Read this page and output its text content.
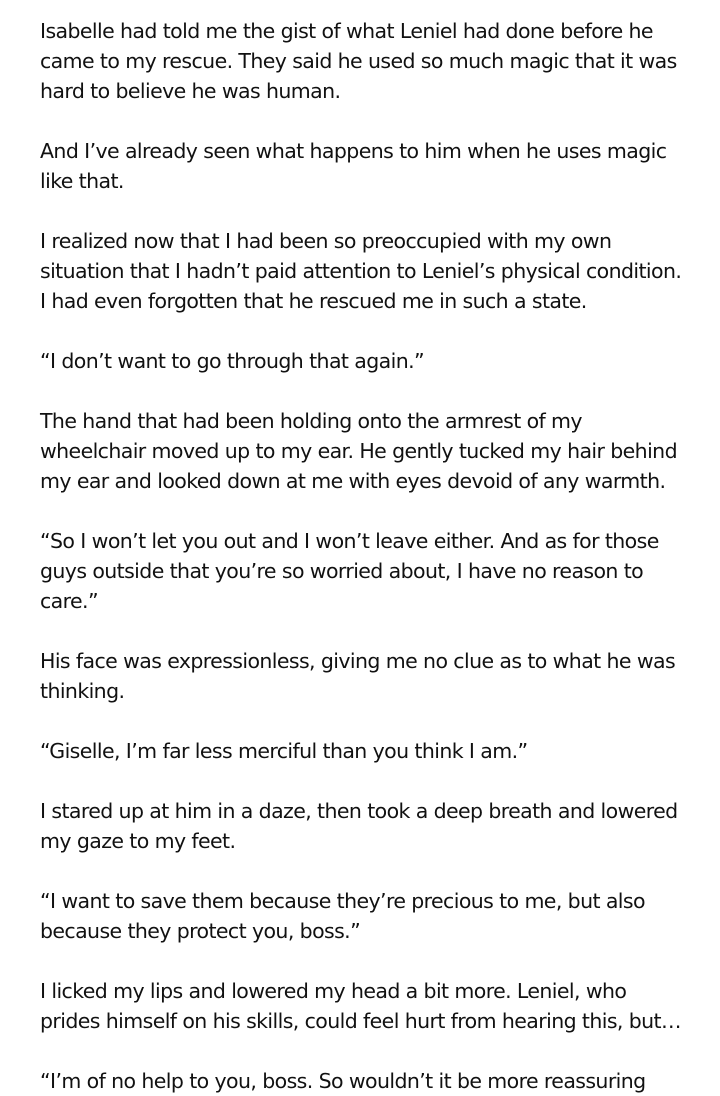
Isabelle had told me the gist of what Leniel had done before he came to my rescue. They said he used so much magic that it was hard to believe he was human.

And I’ve already seen what happens to him when he uses magic like that.

I realized now that I had been so preoccupied with my own situation that I hadn’t paid attention to Leniel’s physical condition. I had even forgotten that he rescued me in such a state.

“I don’t want to go through that again.”

The hand that had been holding onto the armrest of my wheelchair moved up to my ear. He gently tucked my hair behind my ear and looked down at me with eyes devoid of any warmth.

“So I won’t let you out and I won’t leave either. And as for those guys outside that you’re so worried about, I have no reason to care.”

His face was expressionless, giving me no clue as to what he was thinking.

“Giselle, I’m far less merciful than you think I am.”

I stared up at him in a daze, then took a deep breath and lowered my gaze to my feet.

“I want to save them because they’re precious to me, but also because they protect you, boss.”

I licked my lips and lowered my head a bit more. Leniel, who prides himself on his skills, could feel hurt from hearing this, but…

“I’m of no help to you, boss. So wouldn’t it be more reassuring
